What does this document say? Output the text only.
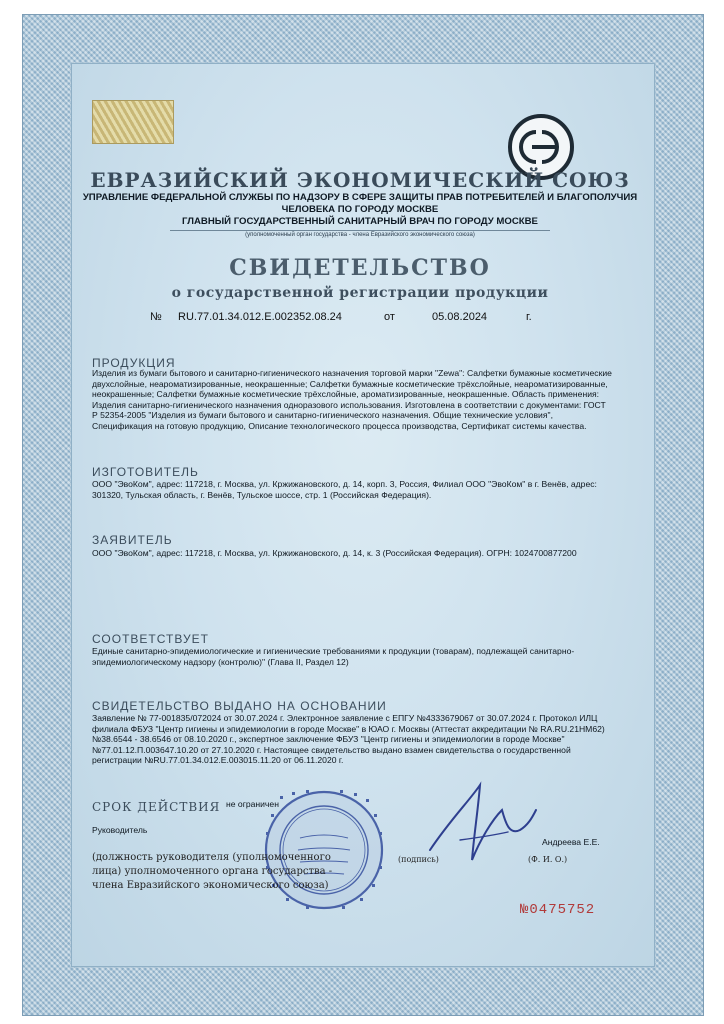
ЕВРАЗИЙСКИЙ ЭКОНОМИЧЕСКИЙ СОЮЗ

УПРАВЛЕНИЕ ФЕДЕРАЛЬНОЙ СЛУЖБЫ ПО НАДЗОРУ В СФЕРЕ ЗАЩИТЫ ПРАВ ПОТРЕБИТЕЛЕЙ И БЛАГОПОЛУЧИЯ

ЧЕЛОВЕКА ПО ГОРОДУ МОСКВЕ

ГЛАВНЫЙ ГОСУДАРСТВЕННЫЙ САНИТАРНЫЙ ВРАЧ ПО ГОРОДУ МОСКВЕ

(уполномоченный орган государства - члена Евразийского экономического союза)
СВИДЕТЕЛЬСТВО
о государственной регистрации продукции
№ RU.77.01.34.012.E.002352.08.24	от	05.08.2024	г.
ПРОДУКЦИЯ
Изделия из бумаги бытового и санитарно-гигиенического назначения торговой марки "Zewa": Салфетки бумажные косметические двухслойные, неароматизированные, неокрашенные; Салфетки бумажные косметические трёхслойные, неароматизированные, неокрашенные; Салфетки бумажные косметические трёхслойные, ароматизированные, неокрашенные. Область применения: Изделия санитарно-гигиенического назначения одноразового использования. Изготовлена в соответствии с документами: ГОСТ Р 52354-2005 "Изделия из бумаги бытового и санитарно-гигиенического назначения. Общие технические условия", Спецификация на готовую продукцию, Описание технологического процесса производства, Сертификат системы качества.
ИЗГОТОВИТЕЛЬ
ООО "ЭвоКом", адрес: 117218, г. Москва, ул. Кржижановского, д. 14, корп. 3, Россия, Филиал ООО "ЭвоКом" в г. Венёв, адрес: 301320, Тульская область, г. Венёв, Тульское шоссе, стр. 1 (Российская Федерация).
ЗАЯВИТЕЛЬ
ООО "ЭвоКом", адрес: 117218, г. Москва, ул. Кржижановского, д. 14, к. 3 (Российская Федерация). ОГРН: 1024700877200
СООТВЕТСТВУЕТ
Единые санитарно-эпидемиологические и гигиенические требованиями к продукции (товарам), подлежащей санитарно-эпидемиологическому надзору (контролю)" (Глава II, Раздел 12)
СВИДЕТЕЛЬСТВО ВЫДАНО НА ОСНОВАНИИ
Заявление № 77-001835/072024 от 30.07.2024 г. Электронное заявление с ЕПГУ №4333679067 от 30.07.2024 г. Протокол ИЛЦ филиала ФБУЗ "Центр гигиены и эпидемиологии в городе Москве" в ЮАО г. Москвы (Аттестат аккредитации № RA.RU.21НМ62) №38.6544 - 38.6546 от 08.10.2020 г., экспертное заключение ФБУЗ "Центр гигиены и эпидемиологии в городе Москве" №77.01.12.П.003647.10.20 от 27.10.2020 г. Настоящее свидетельство выдано взамен свидетельства о государственной регистрации №RU.77.01.34.012.Е.003015.11.20 от 06.11.2020 г.
СРОК ДЕЙСТВИЯ не ограничен
Руководитель
Андреева Е.Е.
(должность руководителя (уполномоченного
лица) уполномоченного органа государства -
члена Евразийского экономического союза)
(подпись)	(Ф. И. О.)
№0475752
